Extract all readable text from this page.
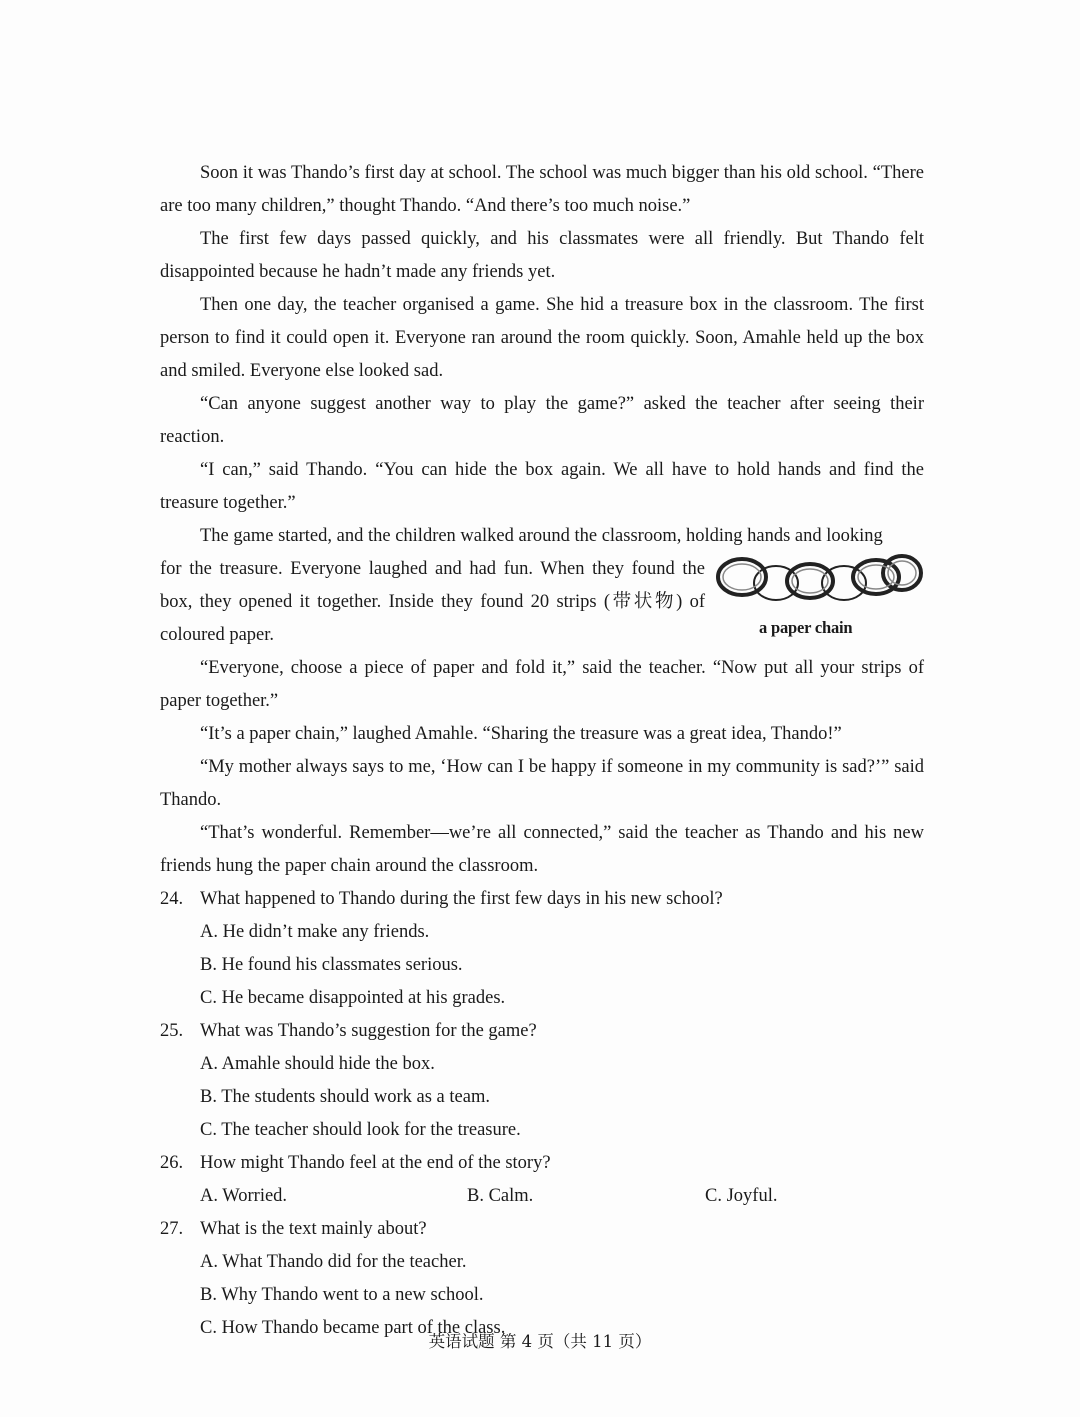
Soon it was Thando’s first day at school. The school was much bigger than his old school. “There are too many children,” thought Thando. “And there’s too much noise.”

The first few days passed quickly, and his classmates were all friendly. But Thando felt disappointed because he hadn’t made any friends yet.

Then one day, the teacher organised a game. She hid a treasure box in the classroom. The first person to find it could open it. Everyone ran around the room quickly. Soon, Amahle held up the box and smiled. Everyone else looked sad.

“Can anyone suggest another way to play the game?” asked the teacher after seeing their reaction.

“I can,” said Thando. “You can hide the box again. We all have to hold hands and find the treasure together.”

The game started, and the children walked around the classroom, holding hands and looking

for the treasure. Everyone laughed and had fun. When they found the box, they opened it together. Inside they found 20 strips (带状物) of coloured paper.	a paper chain

“Everyone, choose a piece of paper and fold it,” said the teacher. “Now put all your strips of paper together.”

“It’s a paper chain,” laughed Amahle. “Sharing the treasure was a great idea, Thando!”

“My mother always says to me, ‘How can I be happy if someone in my community is sad?’” said Thando.

“That’s wonderful. Remember—we’re all connected,” said the teacher as Thando and his new friends hung the paper chain around the classroom.

24. What happened to Thando during the first few days in his new school?

A. He didn’t make any friends.

B. He found his classmates serious.

C. He became disappointed at his grades.

25. What was Thando’s suggestion for the game?

A. Amahle should hide the box.

B. The students should work as a team.

C. The teacher should look for the treasure.

26. How might Thando feel at the end of the story?

A. Worried.	B. Calm.	C. Joyful.

27. What is the text mainly about?

A. What Thando did for the teacher.

B. Why Thando went to a new school.

C. How Thando became part of the class.

英语试题 第 4 页（共 11 页）
